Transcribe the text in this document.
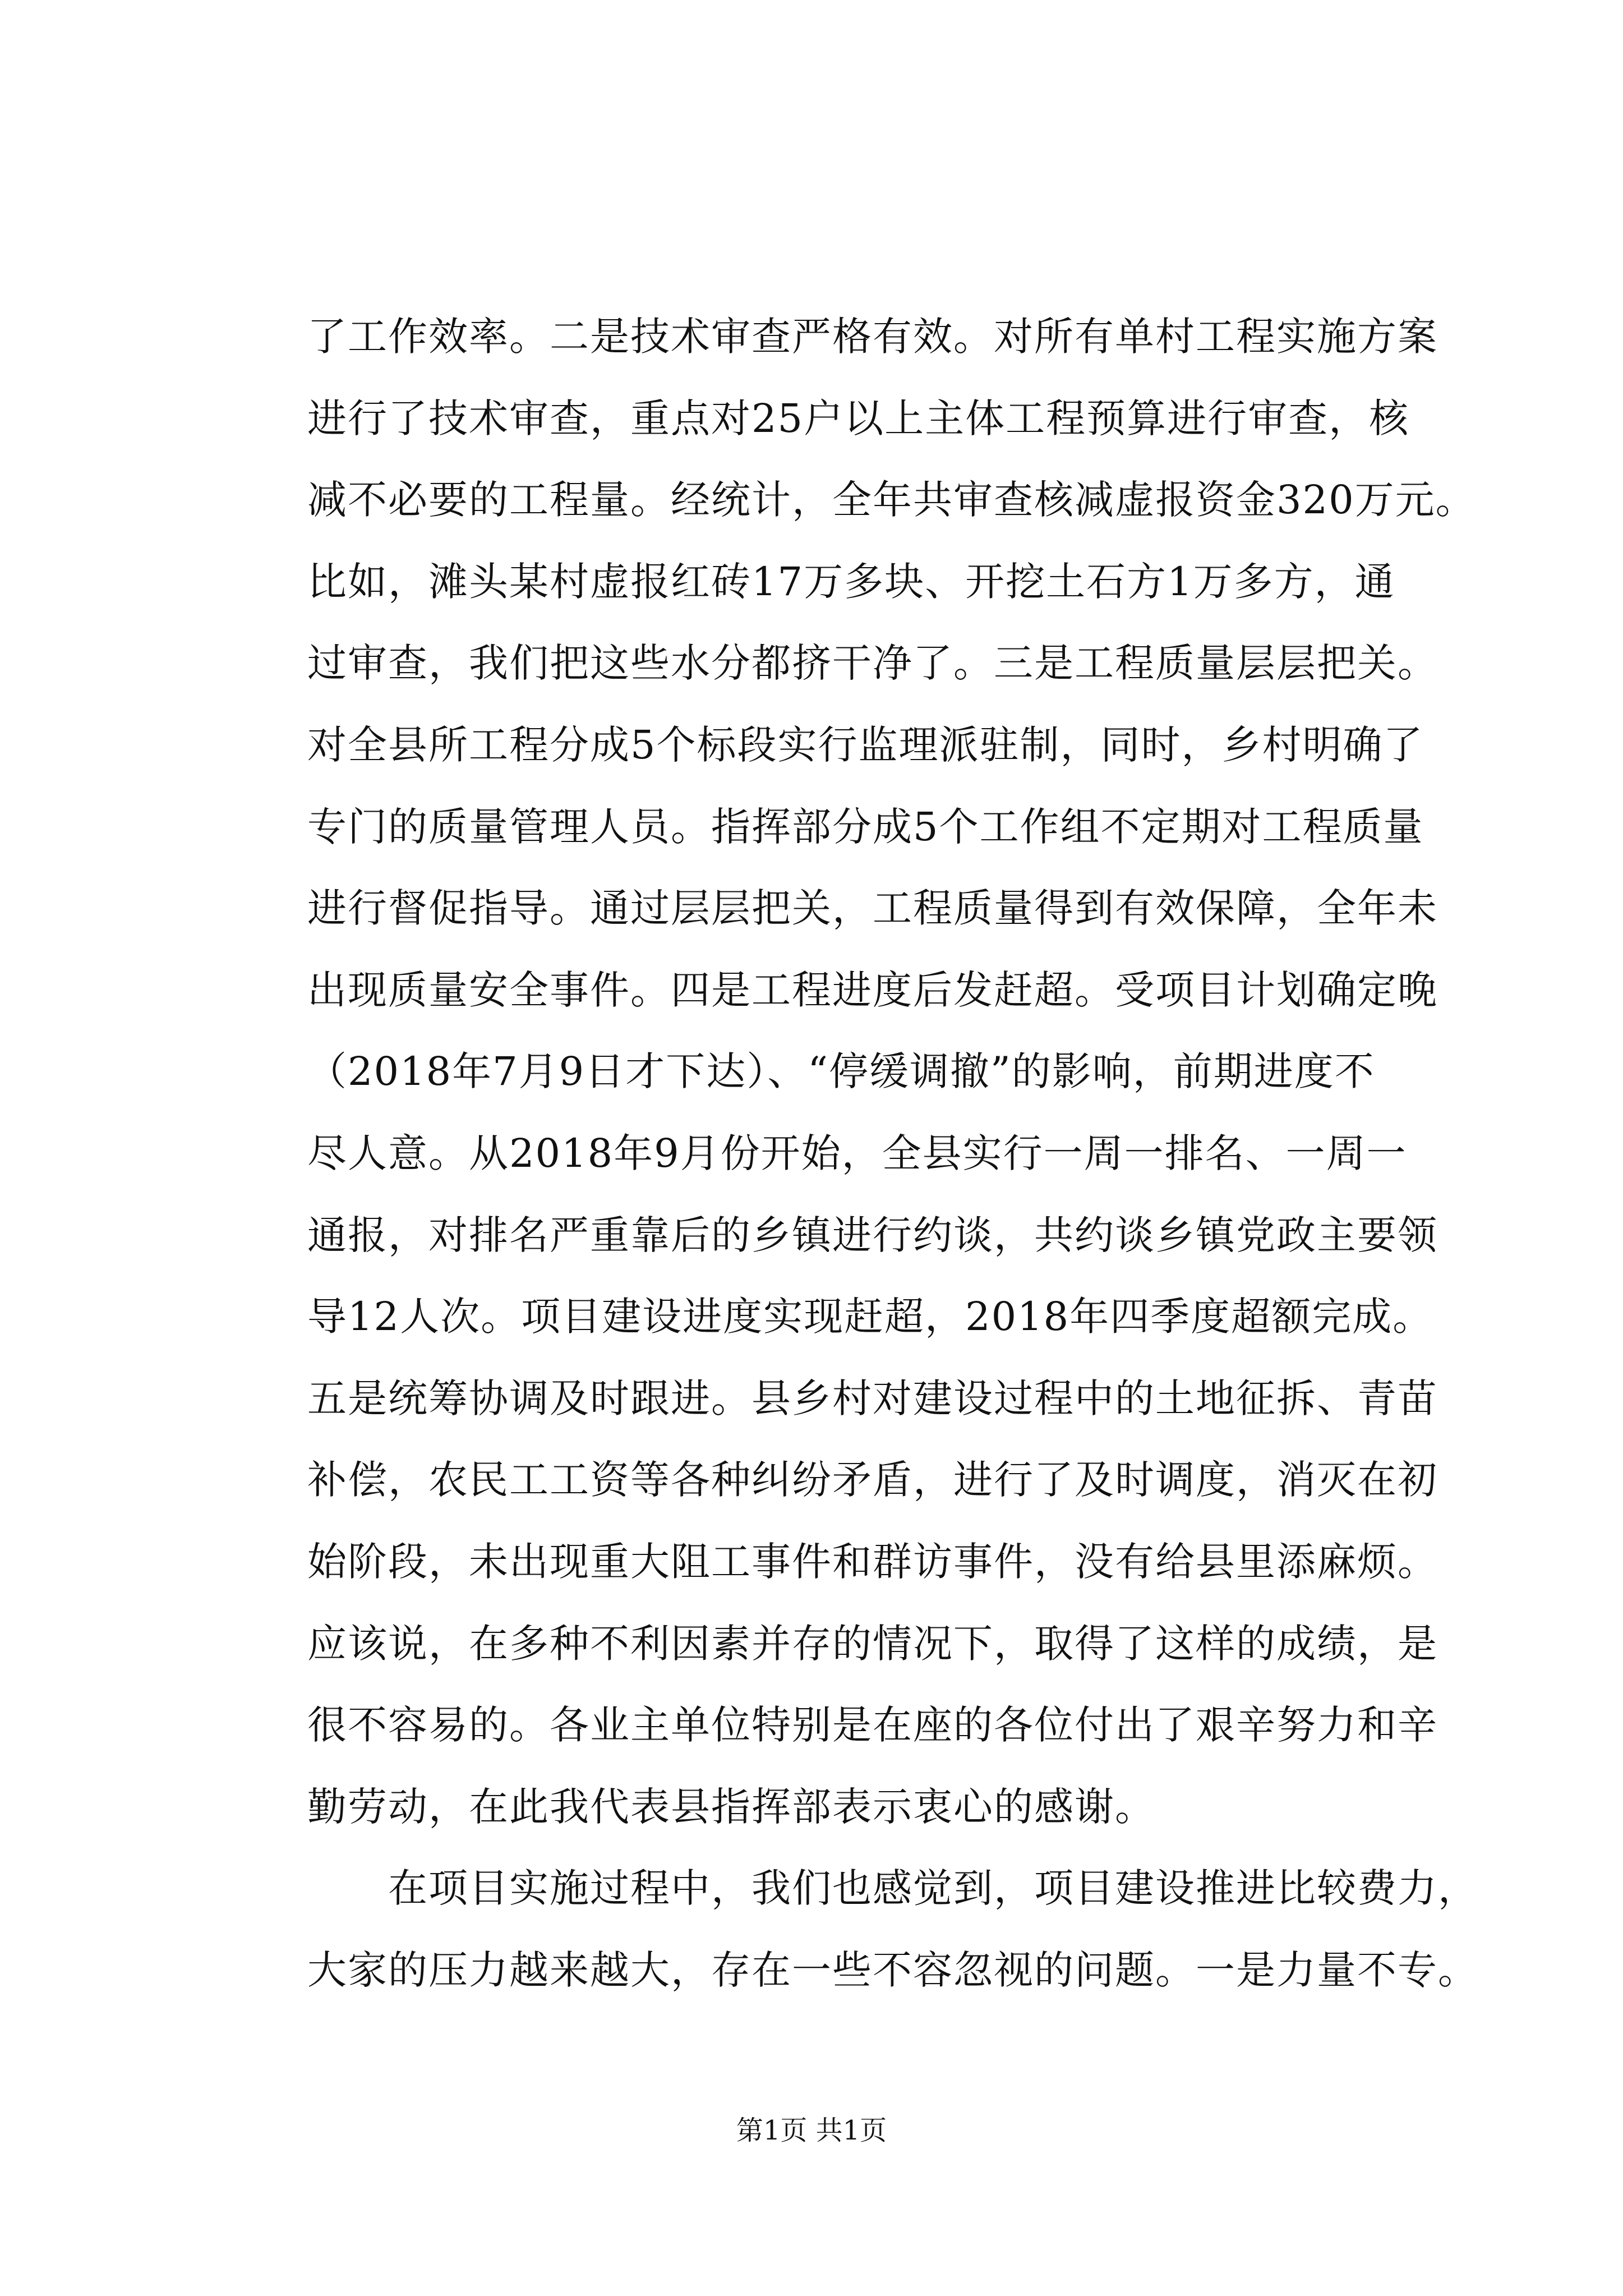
了工作效率。二是技术审查严格有效。对所有单村工程实施方案
进行了技术审查，重点对25户以上主体工程预算进行审查，核
减不必要的工程量。经统计，全年共审查核减虚报资金320万元。
比如，滩头某村虚报红砖17万多块、开挖土石方1万多方，通
过审查，我们把这些水分都挤干净了。三是工程质量层层把关。
对全县所工程分成5个标段实行监理派驻制，同时，乡村明确了
专门的质量管理人员。指挥部分成5个工作组不定期对工程质量
进行督促指导。通过层层把关，工程质量得到有效保障，全年未
出现质量安全事件。四是工程进度后发赶超。受项目计划确定晚
（2018年7月9日才下达）、“停缓调撤”的影响，前期进度不
尽人意。从2018年9月份开始，全县实行一周一排名、一周一
通报，对排名严重靠后的乡镇进行约谈，共约谈乡镇党政主要领
导12人次。项目建设进度实现赶超，2018年四季度超额完成。
五是统筹协调及时跟进。县乡村对建设过程中的土地征拆、青苗
补偿，农民工工资等各种纠纷矛盾，进行了及时调度，消灭在初
始阶段，未出现重大阻工事件和群访事件，没有给县里添麻烦。
应该说，在多种不利因素并存的情况下，取得了这样的成绩，是
很不容易的。各业主单位特别是在座的各位付出了艰辛努力和辛
勤劳动，在此我代表县指挥部表示衷心的感谢。
　　在项目实施过程中，我们也感觉到，项目建设推进比较费力，
大家的压力越来越大，存在一些不容忽视的问题。一是力量不专。
第1页 共1页
